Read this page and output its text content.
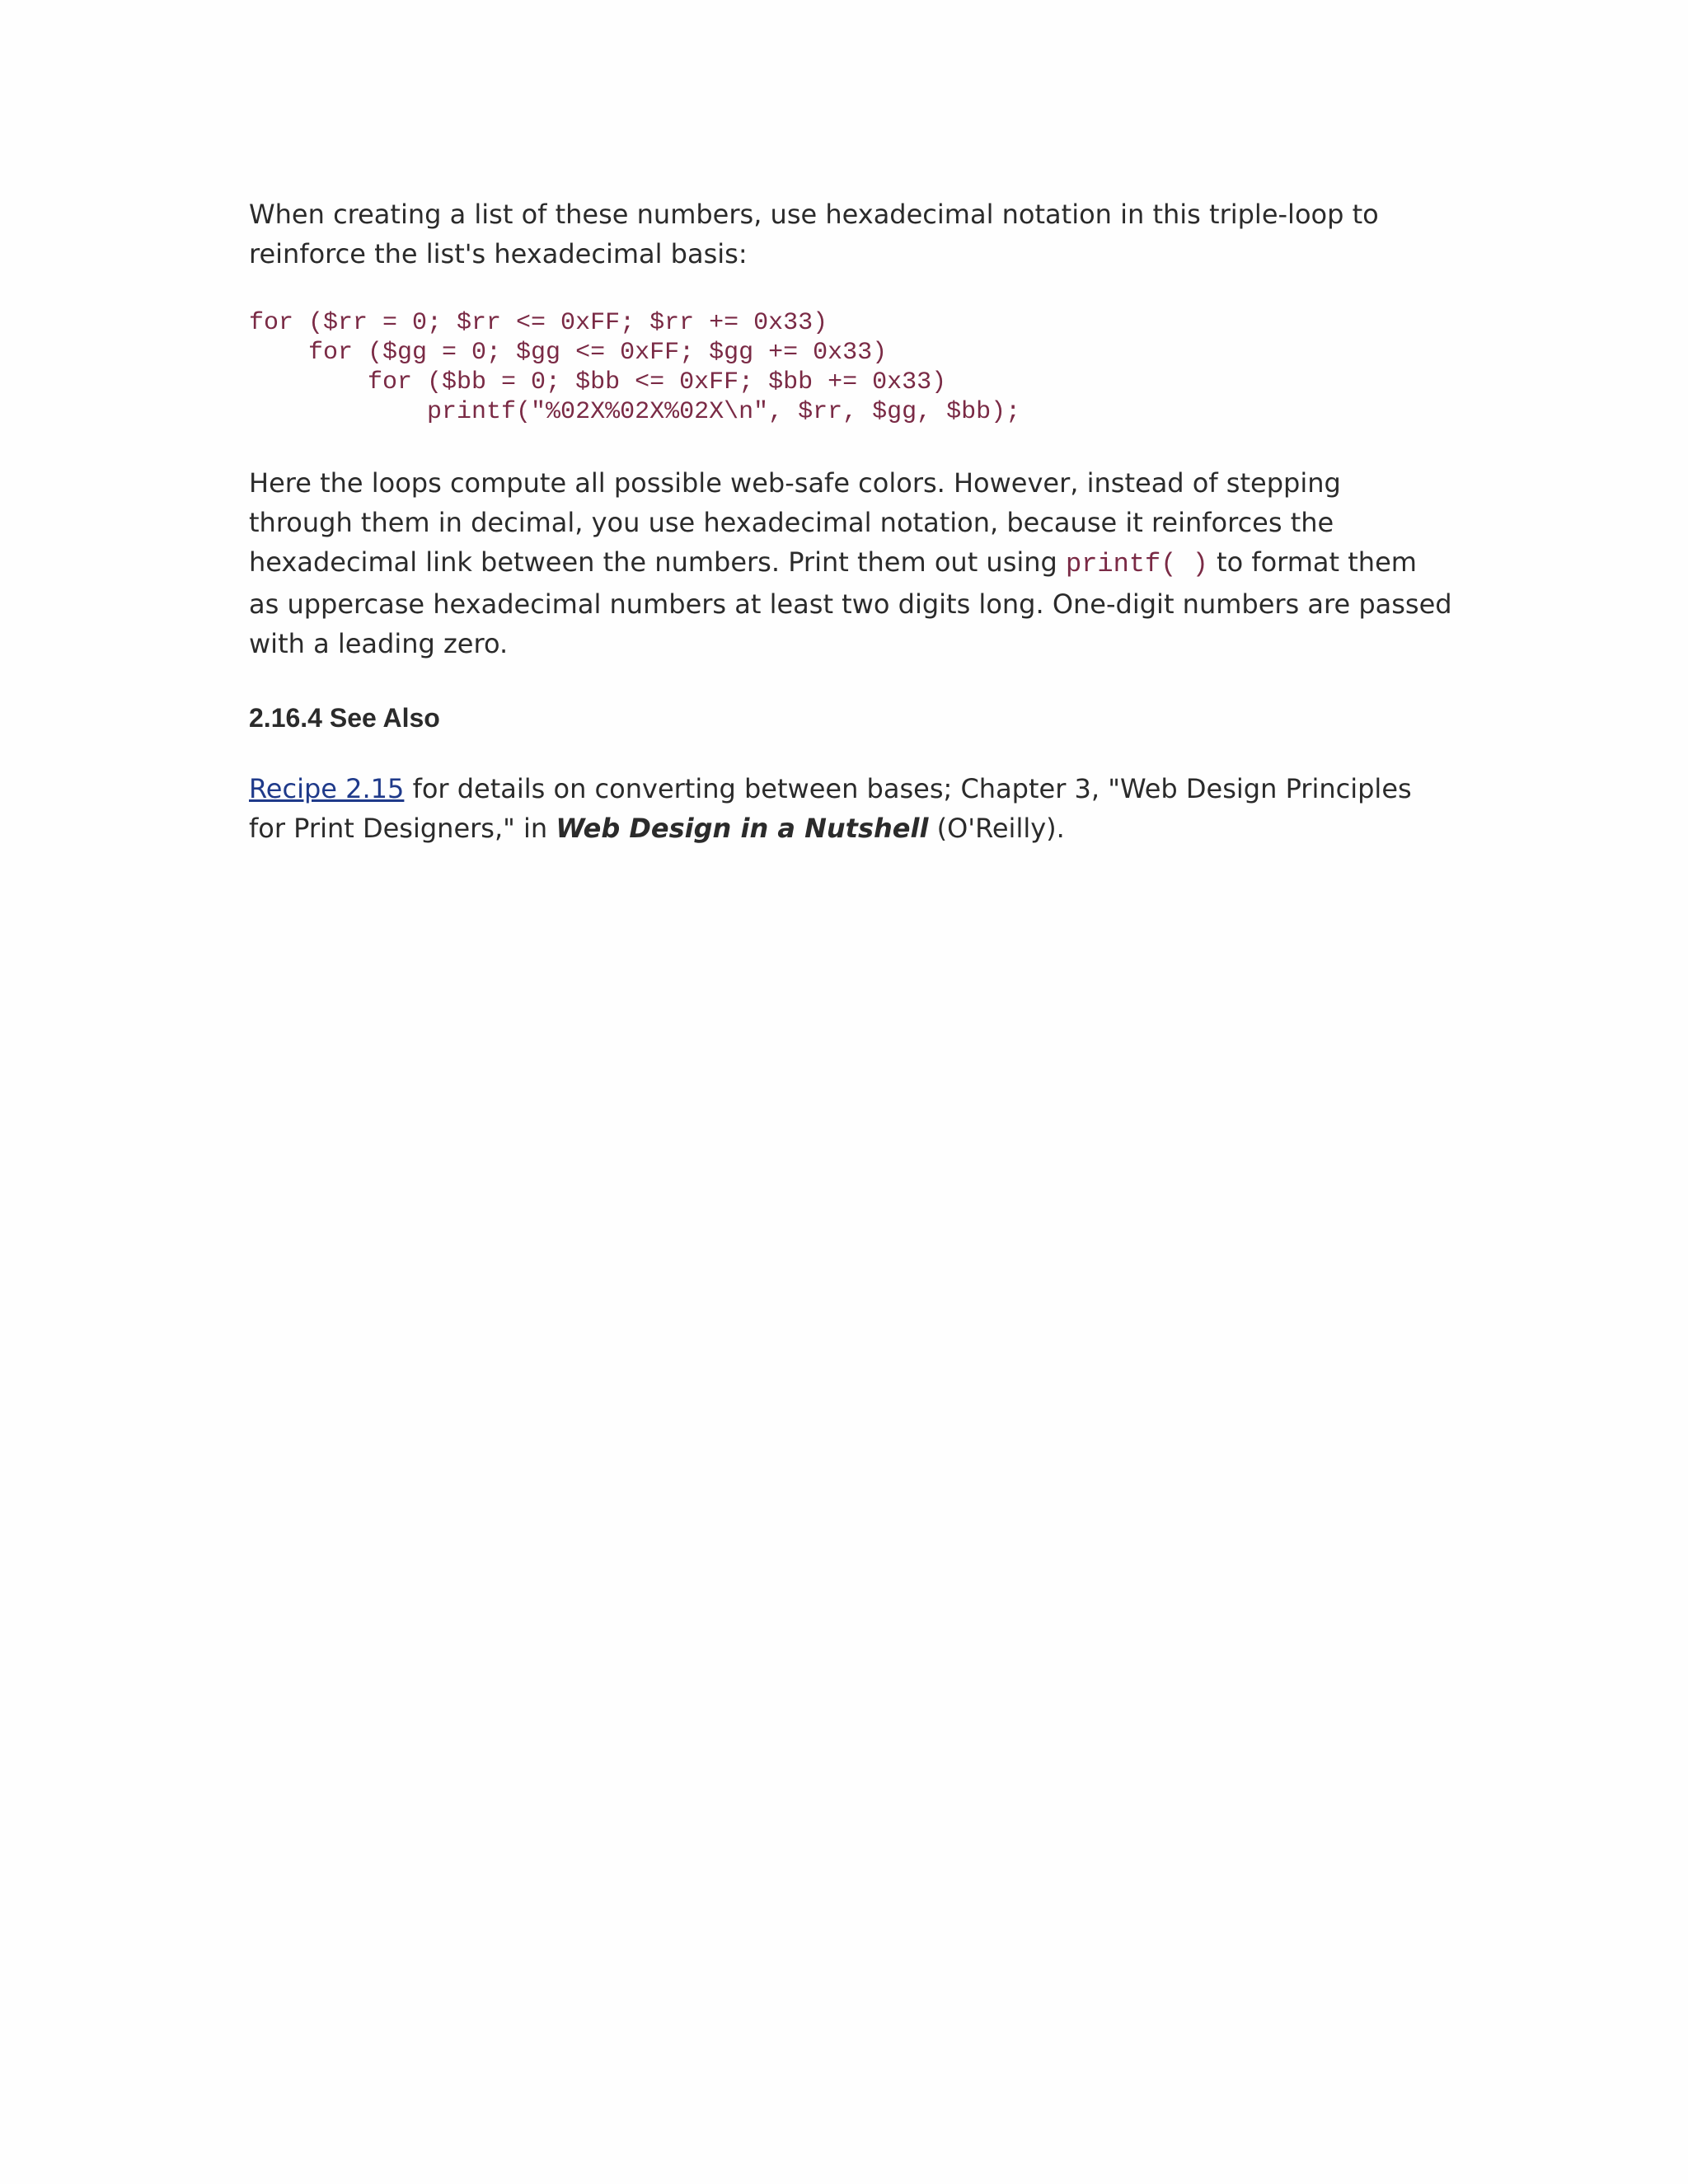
When creating a list of these numbers, use hexadecimal notation in this triple-loop to reinforce the list's hexadecimal basis:

for ($rr = 0; $rr <= 0xFF; $rr += 0x33)
for ($gg = 0; $gg <= 0xFF; $gg += 0x33)
for ($bb = 0; $bb <= 0xFF; $bb += 0x33)
printf("%02X%02X%02X\n", $rr, $gg, $bb);

Here the loops compute all possible web-safe colors. However, instead of stepping through them in decimal, you use hexadecimal notation, because it reinforces the hexadecimal link between the numbers. Print them out using printf( ) to format them as uppercase hexadecimal numbers at least two digits long. One-digit numbers are passed with a leading zero.

2.16.4 See Also

Recipe 2.15 for details on converting between bases; Chapter 3, "Web Design Principles for Print Designers," in Web Design in a Nutshell (O'Reilly).
